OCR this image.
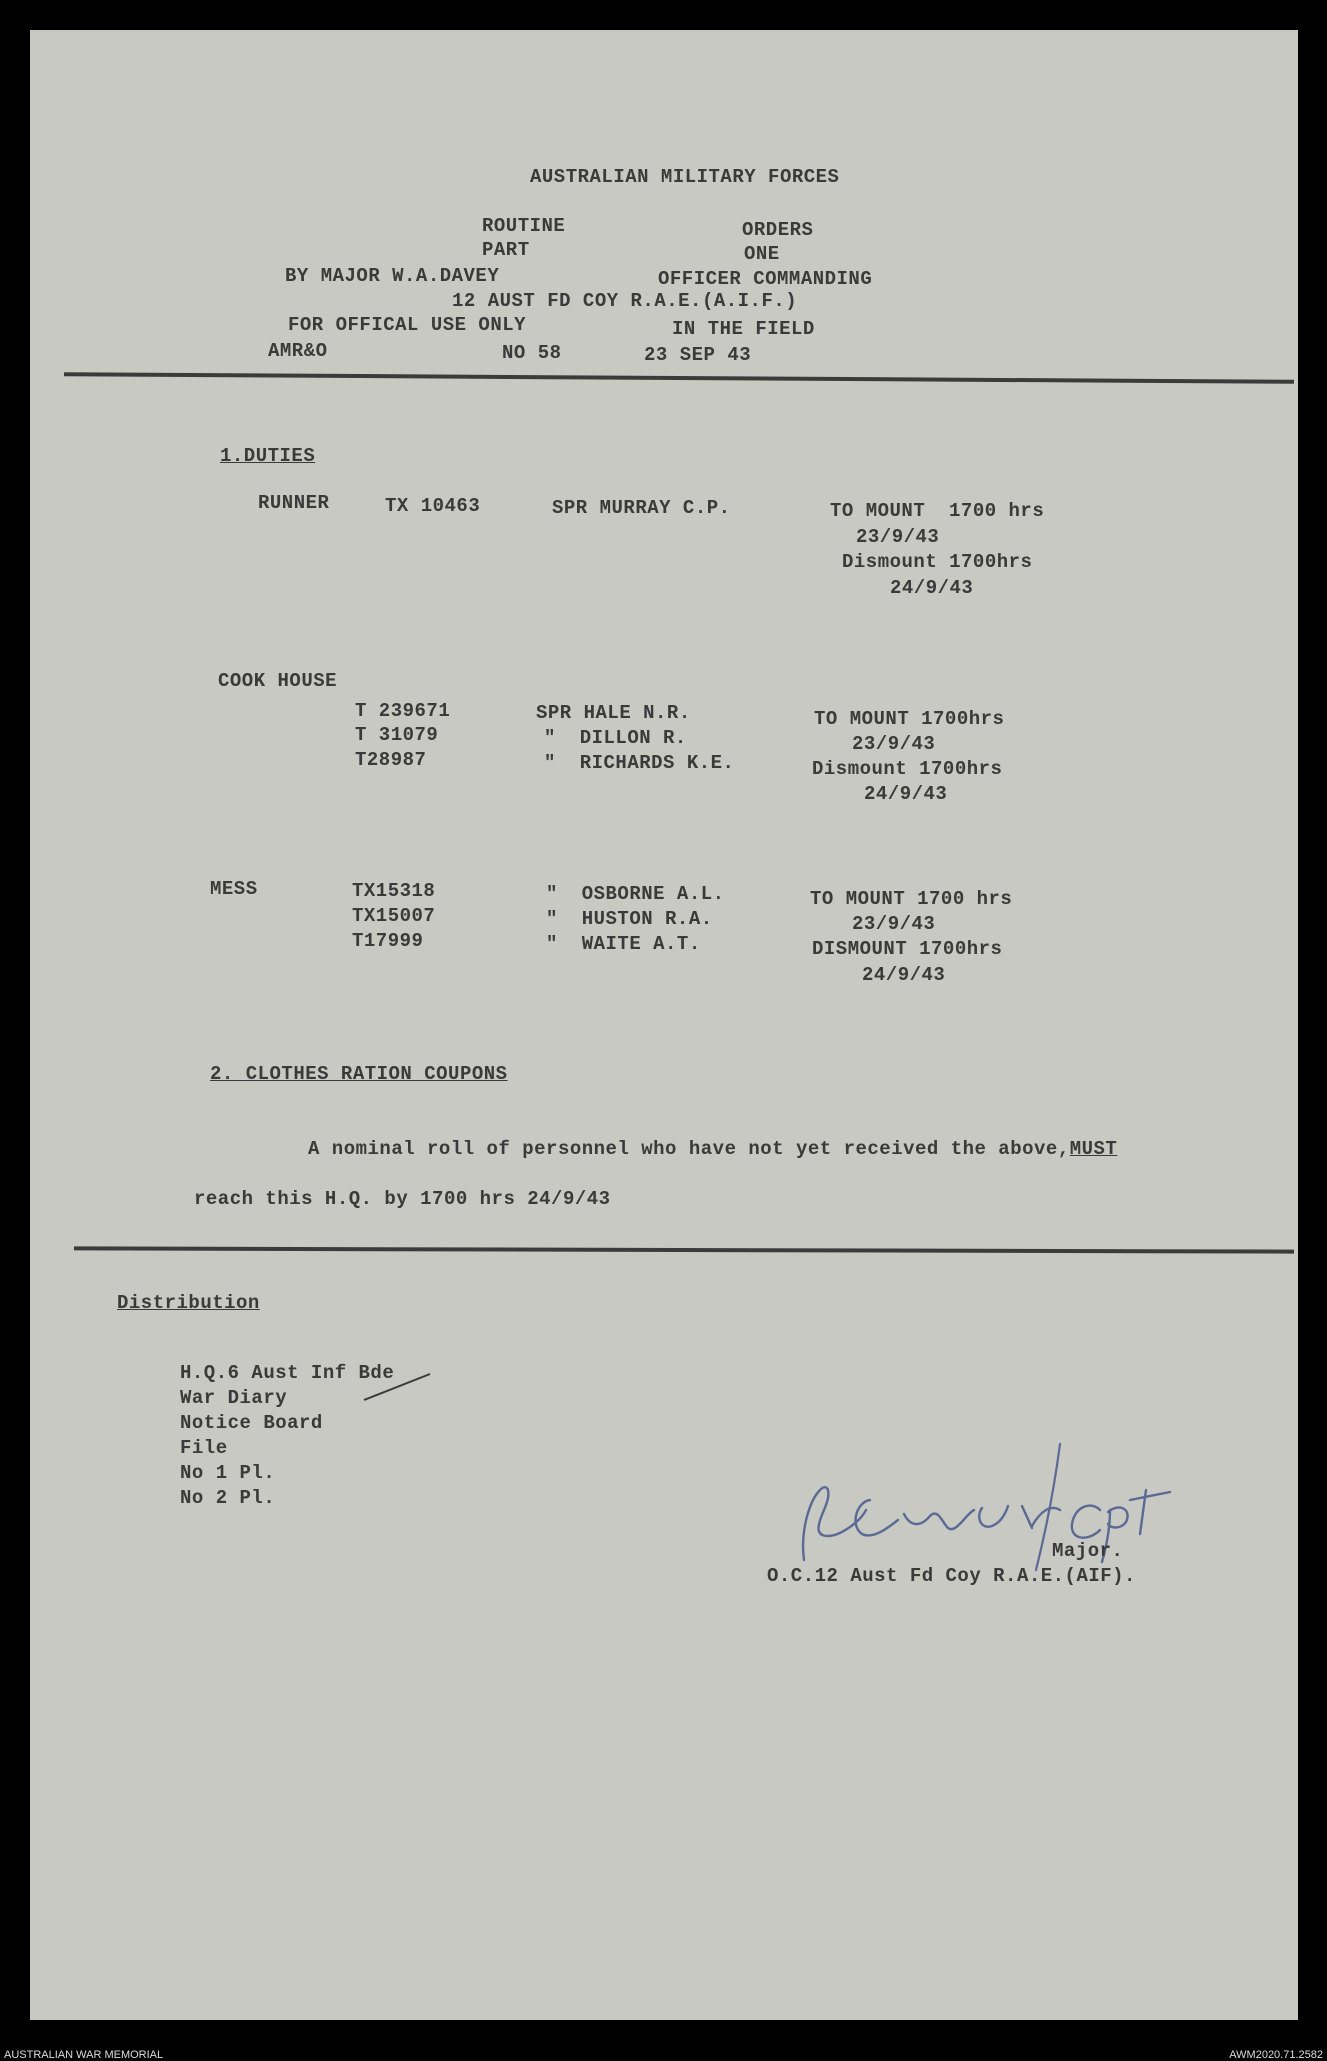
AUSTRALIAN MILITARY FORCES
ROUTINE	ORDERS
PART	ONE
BY MAJOR W.A.DAVEY	OFFICER COMMANDING
12 AUST FD COY R.A.E.(A.I.F.)
FOR OFFICAL USE ONLY	IN THE FIELD
AMR&O	NO 58	23 SEP 43
1.DUTIES
RUNNER	TX 10463	SPR MURRAY C.P.	TO MOUNT  1700 hrs
23/9/43
Dismount 1700hrs
24/9/43
COOK HOUSE
T 239671	SPR HALE N.R.
T 31079	"  DILLON R.
T28987	"  RICHARDS K.E.
TO MOUNT 1700hrs
23/9/43
Dismount 1700hrs
24/9/43
MESS	TX15318	"  OSBORNE A.L.
TX15007	"  HUSTON R.A.
T17999	"  WAITE A.T.
TO MOUNT 1700 hrs
23/9/43
DISMOUNT 1700hrs
24/9/43
2. CLOTHES RATION COUPONS
A nominal roll of personnel who have not yet received the above,MUST
reach this H.Q. by 1700 hrs 24/9/43
Distribution
H.Q.6 Aust Inf Bde
War Diary
Notice Board
File
No 1 Pl.
No 2 Pl.
Major.
O.C.12 Aust Fd Coy R.A.E.(AIF).
AUSTRALIAN WAR MEMORIAL	AWM2020.71.2582
